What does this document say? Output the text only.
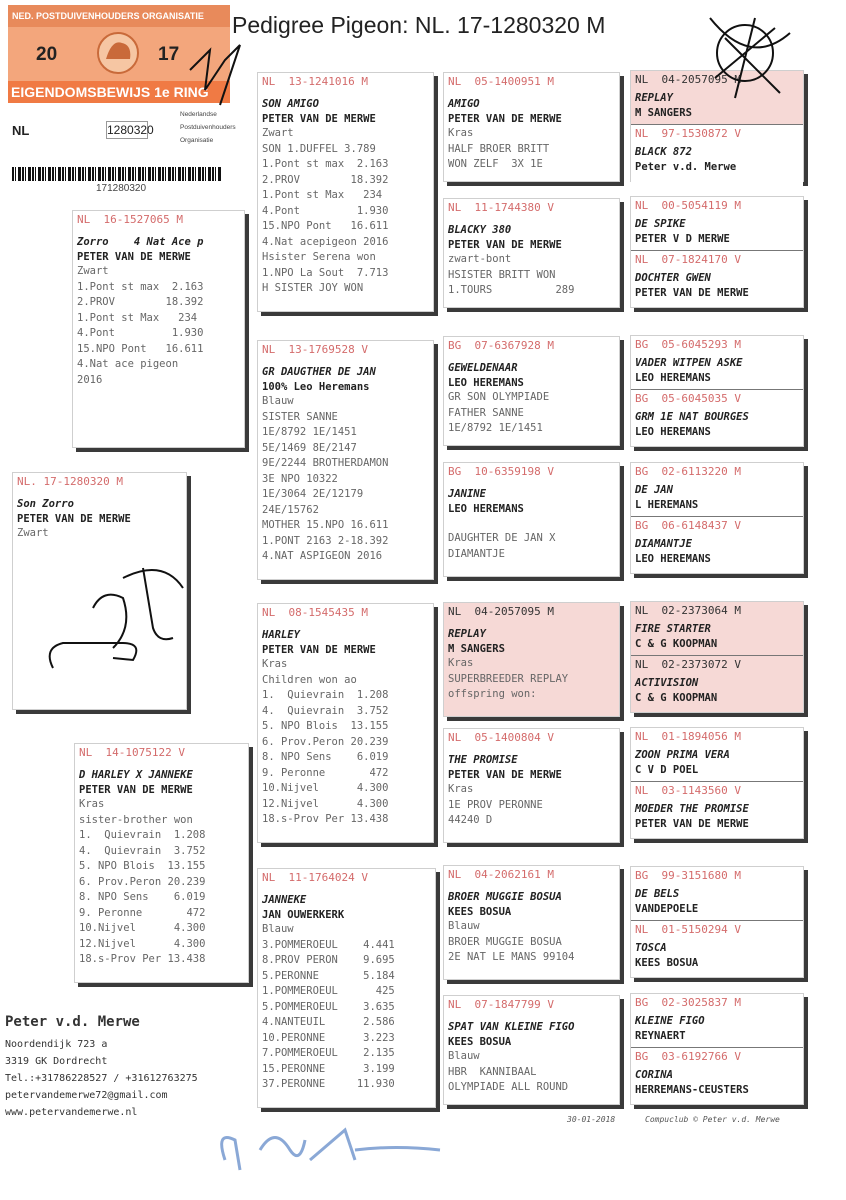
Pedigree Pigeon: NL. 17-1280320 M
NED. POSTDUIVENHOUDERS ORGANISATIE
20	17
EIGENDOMSBEWIJS 1e RING
NL	1280320
Nederlandse
Postduivenhouders
Organisatie
171280320
NL. 17-1280320 M
Son Zorro
PETER VAN DE MERWE
Zwart
NL  16-1527065 M
Zorro    4 Nat Ace p
PETER VAN DE MERWE
Zwart
1.Pont st max  2.163
2.PROV        18.392
1.Pont st Max   234
4.Pont         1.930
15.NPO Pont   16.611
4.Nat ace pigeon
2016
NL  14-1075122 V
D HARLEY X JANNEKE
PETER VAN DE MERWE
Kras
sister-brother won
1.  Quievrain  1.208
4.  Quievrain  3.752
5. NPO Blois  13.155
6. Prov.Peron 20.239
8. NPO Sens    6.019
9. Peronne       472
10.Nijvel      4.300
12.Nijvel      4.300
18.s-Prov Per 13.438
NL  13-1241016 M
SON AMIGO
PETER VAN DE MERWE
Zwart
SON 1.DUFFEL 3.789
1.Pont st max  2.163
2.PROV        18.392
1.Pont st Max   234
4.Pont         1.930
15.NPO Pont   16.611
4.Nat acepigeon 2016
Hsister Serena won
1.NPO La Sout  7.713
H SISTER JOY WON
NL  13-1769528 V
GR DAUGTHER DE JAN
100% Leo Heremans
Blauw
SISTER SANNE
1E/8792 1E/1451
5E/1469 8E/2147
9E/2244 BROTHERDAMON
3E NPO 10322
1E/3064 2E/12179
24E/15762
MOTHER 15.NPO 16.611
1.PONT 2163 2-18.392
4.NAT ASPIGEON 2016
NL  08-1545435 M
HARLEY
PETER VAN DE MERWE
Kras
Children won ao
1.  Quievrain  1.208
4.  Quievrain  3.752
5. NPO Blois  13.155
6. Prov.Peron 20.239
8. NPO Sens    6.019
9. Peronne       472
10.Nijvel      4.300
12.Nijvel      4.300
18.s-Prov Per 13.438
NL  11-1764024 V
JANNEKE
JAN OUWERKERK
Blauw
3.POMMEROEUL    4.441
8.PROV PERON    9.695
5.PERONNE       5.184
1.POMMEROEUL      425
5.POMMEROEUL    3.635
4.NANTEUIL      2.586
10.PERONNE      3.223
7.POMMEROEUL    2.135
15.PERONNE      3.199
37.PERONNE     11.930
NL  05-1400951 M
AMIGO
PETER VAN DE MERWE
Kras
HALF BROER BRITT
WON ZELF  3X 1E
NL  11-1744380 V
BLACKY 380
PETER VAN DE MERWE
zwart-bont
HSISTER BRITT WON
1.TOURS          289
BG  07-6367928 M
GEWELDENAAR
LEO HEREMANS
GR SON OLYMPIADE
FATHER SANNE
1E/8792 1E/1451
BG  10-6359198 V
JANINE
LEO HEREMANS
DAUGHTER DE JAN X
DIAMANTJE
NL  04-2057095 M
REPLAY
M SANGERS
Kras
SUPERBREEDER REPLAY
offspring won:
NL  05-1400804 V
THE PROMISE
PETER VAN DE MERWE
Kras
1E PROV PERONNE
44240 D
NL  04-2062161 M
BROER MUGGIE BOSUA
KEES BOSUA
Blauw
BROER MUGGIE BOSUA
2E NAT LE MANS 99104
NL  07-1847799 V
SPAT VAN KLEINE FIGO
KEES BOSUA
Blauw
HBR  KANNIBAAL
OLYMPIADE ALL ROUND
NL  04-2057095 M
REPLAY
M SANGERS
NL  97-1530872 V
BLACK 872
Peter v.d. Merwe
NL  00-5054119 M
DE SPIKE
PETER V D MERWE
NL  07-1824170 V
DOCHTER GWEN
PETER VAN DE MERWE
BG  05-6045293 M
VADER WITPEN ASKE
LEO HEREMANS
BG  05-6045035 V
GRM 1E NAT BOURGES
LEO HEREMANS
BG  02-6113220 M
DE JAN
L HEREMANS
BG  06-6148437 V
DIAMANTJE
LEO HEREMANS
NL  02-2373064 M
FIRE STARTER
C & G KOOPMAN
NL  02-2373072 V
ACTIVISION
C & G KOOPMAN
NL  01-1894056 M
ZOON PRIMA VERA
C V D POEL
NL  03-1143560 V
MOEDER THE PROMISE
PETER VAN DE MERWE
BG  99-3151680 M
DE BELS
VANDEPOELE
NL  01-5150294 V
TOSCA
KEES BOSUA
BG  02-3025837 M
KLEINE FIGO
REYNAERT
BG  03-6192766 V
CORINA
HERREMANS-CEUSTERS
Peter v.d. Merwe
Noordendijk 723 a
3319 GK Dordrecht
Tel.:+31786228527 / +31612763275
petervandemerwe72@gmail.com
www.petervandemerwe.nl
30-01-2018	Compuclub © Peter v.d. Merwe
